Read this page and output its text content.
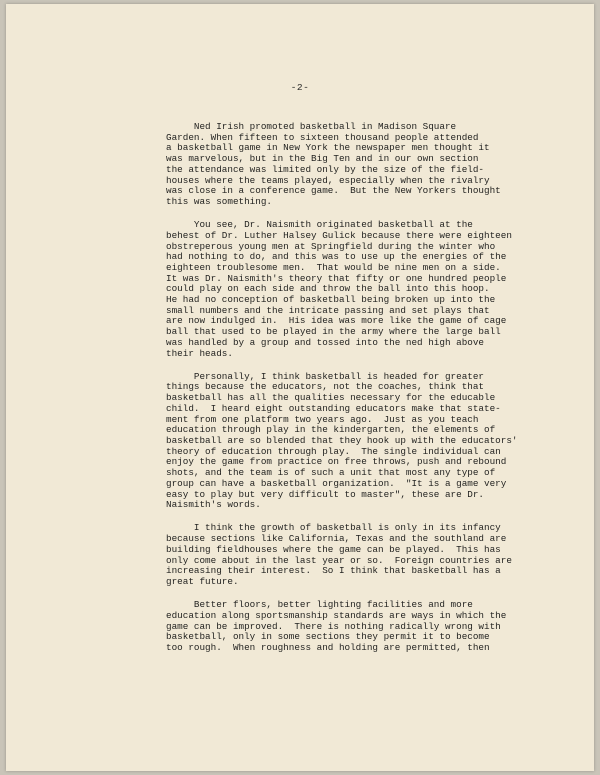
-2-
Ned Irish promoted basketball in Madison Square
Garden. When fifteen to sixteen thousand people attended
a basketball game in New York the newspaper men thought it
was marvelous, but in the Big Ten and in our own section
the attendance was limited only by the size of the field-
houses where the teams played, especially when the rivalry
was close in a conference game.  But the New Yorkers thought
this was something.
You see, Dr. Naismith originated basketball at the
behest of Dr. Luther Halsey Gulick because there were eighteen
obstreperous young men at Springfield during the winter who
had nothing to do, and this was to use up the energies of the
eighteen troublesome men.  That would be nine men on a side.
It was Dr. Naismith's theory that fifty or one hundred people
could play on each side and throw the ball into this hoop.
He had no conception of basketball being broken up into the
small numbers and the intricate passing and set plays that
are now indulged in.  His idea was more like the game of cage
ball that used to be played in the army where the large ball
was handled by a group and tossed into the ned high above
their heads.
Personally, I think basketball is headed for greater
things because the educators, not the coaches, think that
basketball has all the qualities necessary for the educable
child.  I heard eight outstanding educators make that state-
ment from one platform two years ago.  Just as you teach
education through play in the kindergarten, the elements of
basketball are so blended that they hook up with the educators'
theory of education through play.  The single individual can
enjoy the game from practice on free throws, push and rebound
shots, and the team is of such a unit that most any type of
group can have a basketball organization.  "It is a game very
easy to play but very difficult to master", these are Dr.
Naismith's words.
I think the growth of basketball is only in its infancy
because sections like California, Texas and the southland are
building fieldhouses where the game can be played.  This has
only come about in the last year or so.  Foreign countries are
increasing their interest.  So I think that basketball has a
great future.
Better floors, better lighting facilities and more
education along sportsmanship standards are ways in which the
game can be improved.  There is nothing radically wrong with
basketball, only in some sections they permit it to become
too rough.  When roughness and holding are permitted, then
